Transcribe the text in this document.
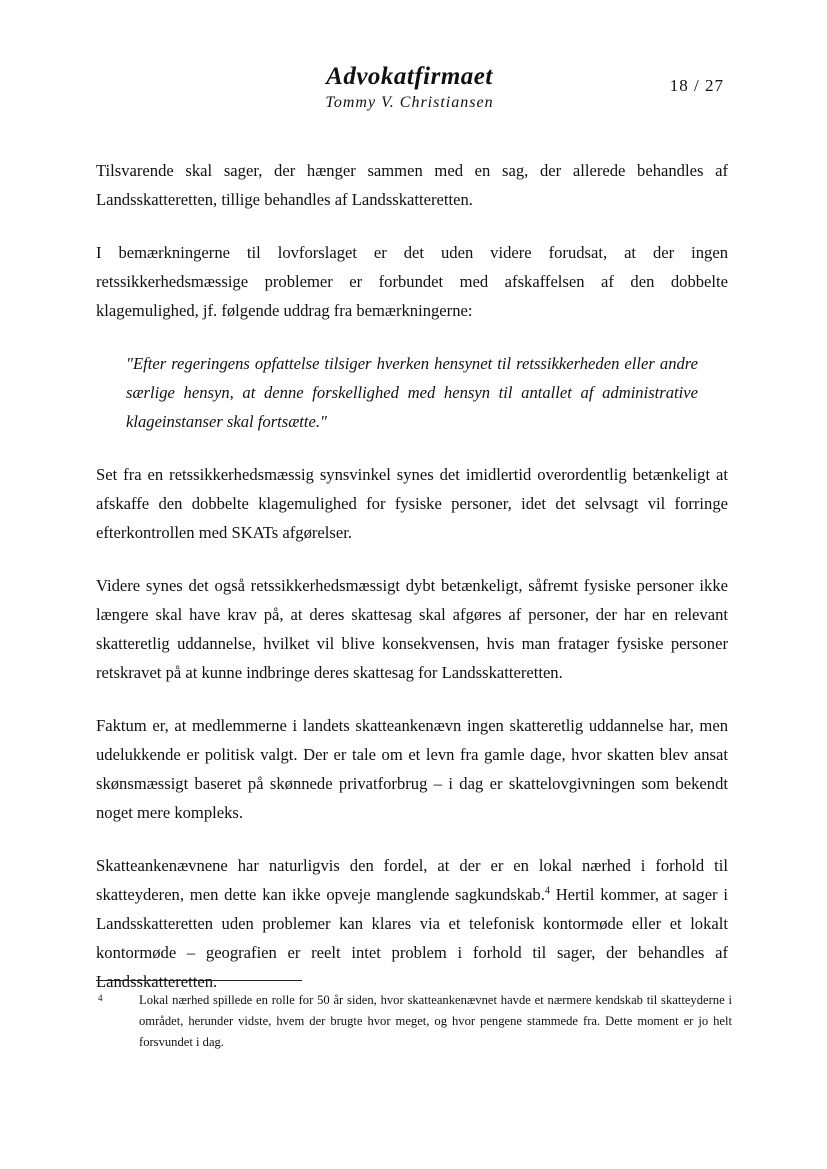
Advokatfirmaet
Tommy V. Christiansen
18 / 27

Tilsvarende skal sager, der hænger sammen med en sag, der allerede behandles af Landsskatteretten, tillige behandles af Landsskatteretten.

I bemærkningerne til lovforslaget er det uden videre forudsat, at der ingen retssikkerhedsmæssige problemer er forbundet med afskaffelsen af den dobbelte klagemulighed, jf. følgende uddrag fra bemærkningerne:

"Efter regeringens opfattelse tilsiger hverken hensynet til retssikkerheden eller andre særlige hensyn, at denne forskellighed med hensyn til antallet af administrative klageinstanser skal fortsætte."

Set fra en retssikkerhedsmæssig synsvinkel synes det imidlertid overordentlig betænkeligt at afskaffe den dobbelte klagemulighed for fysiske personer, idet det selvsagt vil forringe efterkontrollen med SKATs afgørelser.

Videre synes det også retssikkerhedsmæssigt dybt betænkeligt, såfremt fysiske personer ikke længere skal have krav på, at deres skattesag skal afgøres af personer, der har en relevant skatteretlig uddannelse, hvilket vil blive konsekvensen, hvis man fratager fysiske personer retskravet på at kunne indbringe deres skattesag for Landsskatteretten.

Faktum er, at medlemmerne i landets skatteankenævn ingen skatteretlig uddannelse har, men udelukkende er politisk valgt. Der er tale om et levn fra gamle dage, hvor skatten blev ansat skønsmæssigt baseret på skønnede privatforbrug – i dag er skattelovgivningen som bekendt noget mere kompleks.

Skatteankenævnene har naturligvis den fordel, at der er en lokal nærhed i forhold til skatteyderen, men dette kan ikke opveje manglende sagkundskab.$^4$ Hertil kommer, at sager i Landsskatteretten uden problemer kan klares via et telefonisk kontormøde eller et lokalt kontormøde – geografien er reelt intet problem i forhold til sager, der behandles af Landsskatteretten.

4	Lokal nærhed spillede en rolle for 50 år siden, hvor skatteankenævnet havde et nærmere kendskab til skatteyderne i området, herunder vidste, hvem der brugte hvor meget, og hvor pengene stammede fra. Dette moment er jo helt forsvundet i dag.
